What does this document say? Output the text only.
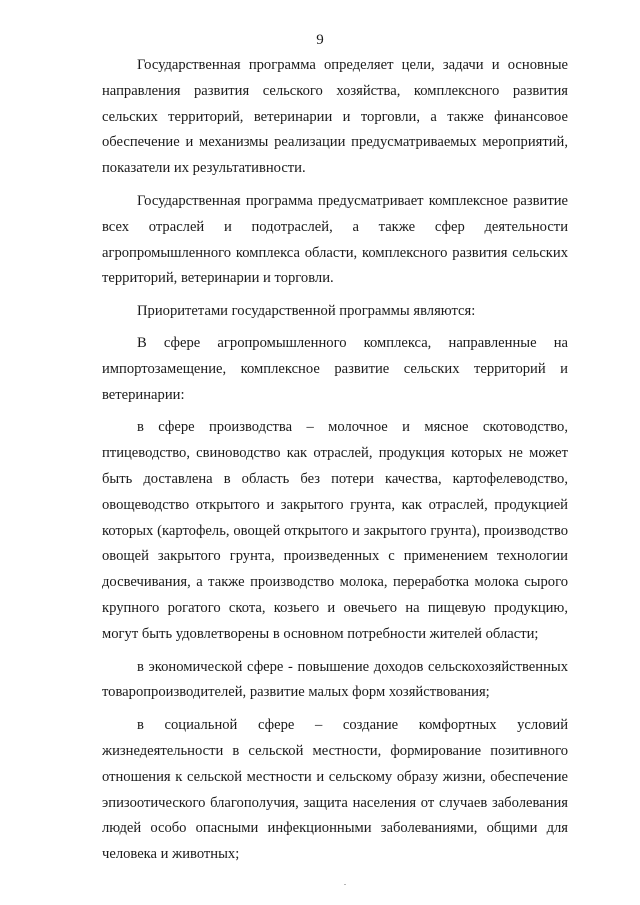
9

Государственная программа определяет цели, задачи и основные направления развития сельского хозяйства, комплексного развития сельских территорий, ветеринарии и торговли, а также финансовое обеспечение и механизмы реализации предусматриваемых мероприятий, показатели их результативности.

Государственная программа предусматривает комплексное развитие всех отраслей и подотраслей, а также сфер деятельности агропромышленного комплекса области, комплексного развития сельских территорий, ветеринарии и торговли.

Приоритетами государственной программы являются:

В сфере агропромышленного комплекса, направленные на импортозамещение, комплексное развитие сельских территорий и ветеринарии:

в сфере производства – молочное и мясное скотоводство, птицеводство, свиноводство как отраслей, продукция которых не может быть доставлена в область без потери качества, картофелеводство, овощеводство открытого и закрытого грунта, как отраслей, продукцией которых (картофель, овощей открытого и закрытого грунта), производство овощей закрытого грунта, произведенных с применением технологии досвечивания, а также производство молока, переработка молока сырого крупного рогатого скота, козьего и овечьего на пищевую продукцию, могут быть удовлетворены в основном потребности жителей области;

в экономической сфере - повышение доходов сельскохозяйственных товаропроизводителей, развитие малых форм хозяйствования;

в социальной сфере – создание комфортных условий жизнедеятельности в сельской местности, формирование позитивного отношения к сельской местности и сельскому образу жизни, обеспечение эпизоотического благополучия, защита населения от случаев заболевания людей особо опасными инфекционными заболеваниями, общими для человека и животных;
